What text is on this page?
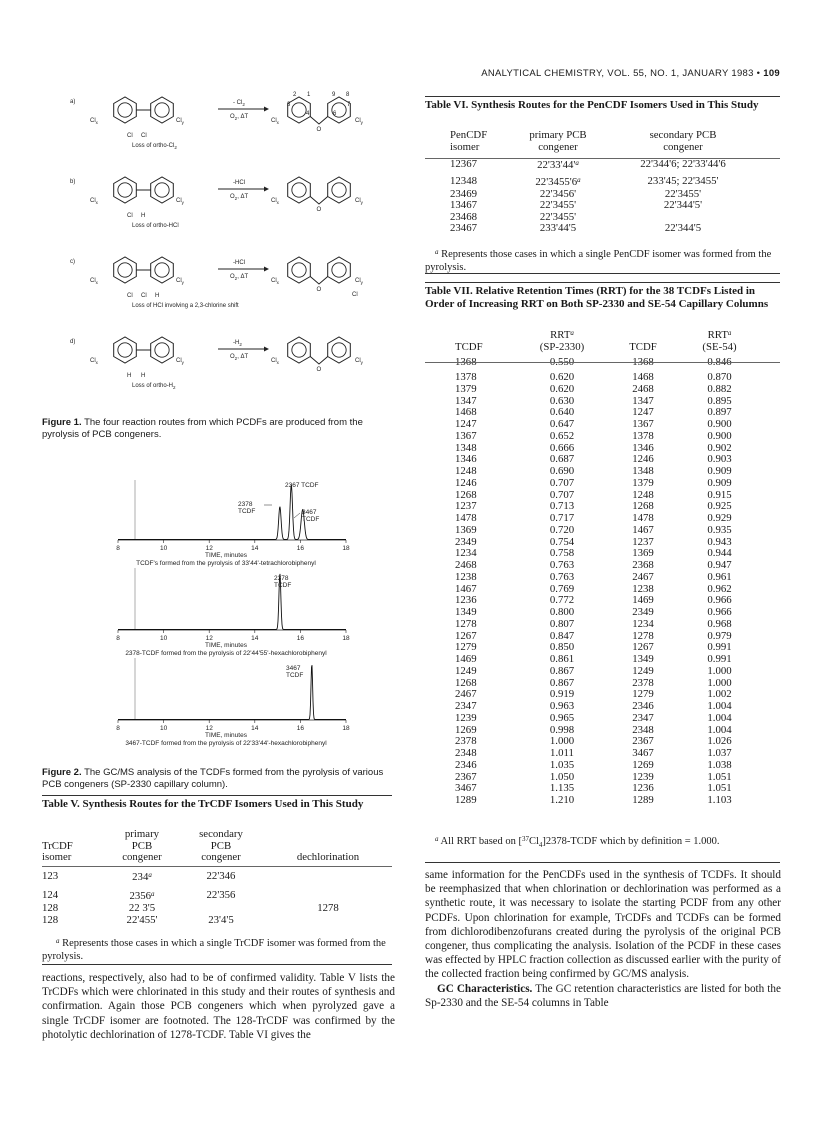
ANALYTICAL CHEMISTRY, VOL. 55, NO. 1, JANUARY 1983 • 109
a)
$Cl_x$	$Cl_y$
Cl Cl
- $Cl_2$
$O_2$, ΔT
$Cl_x$
O
$Cl_y$
1
2
3
4	6
7
8
9
Loss of ortho-$Cl_2$
b)
$Cl_x$	$Cl_y$
Cl H
-HCl
$O_2$, ΔT
$Cl_x$
O
$Cl_y$
Loss of ortho-HCl
c)
$Cl_x$	$Cl_y$
Cl Cl H
-HCl
$O_2$, ΔT
$Cl_x$
O
$Cl_y$
Cl
Loss of HCl involving a 2,3-chlorine shift
d)
$Cl_x$	$Cl_y$
H H
$-H_2$
$O_2$, ΔT
$Cl_x$
O
$Cl_y$
Loss of ortho-$H_2$
Figure 1. The four reaction routes from which PCDFs are produced from the pyrolysis of PCB congeners.
8	10	12	14	16	18
2367 TCDF
2378
TCDF	3467
TCDF
TIME, minutes
TCDF's formed from the pyrolysis of 33'44'-tetrachlorobiphenyl
8	10	12	14	16	18
2378
TCDF
TIME, minutes
2378-TCDF formed from the pyrolysis of 22'44'55'-hexachlorobiphenyl
8	10	12	14	16	18
3467
TCDF
TIME, minutes
3467-TCDF formed from the pyrolysis of 22'33'44'-hexachlorobiphenyl
Figure 2. The GC/MS analysis of the TCDFs formed from the pyrolysis of various PCB congeners (SP-2330 capillary column).
Table V. Synthesis Routes for the TrCDF Isomers Used in This Study
TrCDF
isomer	primary
PCB
congener	secondary
PCB
congener	dechlorination
123	234$^a$	22'346	
124	2356$^a$	22'356	
128	22 3'5		1278
128	22'455'	23'4'5	
$^a$ Represents those cases in which a single TrCDF isomer was formed from the pyrolysis.
reactions, respectively, also had to be of confirmed validity. Table V lists the TrCDFs which were chlorinated in this study and their routes of synthesis and confirmation. Again those PCB congeners which when pyrolyzed gave a single TrCDF isomer are footnoted. The 128-TrCDF was confirmed by the photolytic dechlorination of 1278-TCDF. Table VI gives the
Table VI. Synthesis Routes for the PenCDF Isomers Used in This Study
PenCDF
isomer	primary PCB
congener	secondary PCB
congener
12367	$22'33'44'^a$	22'344'6; 22'33'44'6
12348	22'3455'6$^a$	233'45; 22'3455'
23469	22'3456'	22'3455'
13467	22'3455'	22'344'5'
23468	22'3455'	
23467	233'44'5	22'344'5
$^a$ Represents those cases in which a single PenCDF isomer was formed from the pyrolysis.
Table VII. Relative Retention Times (RRT) for the 38 TCDFs Listed in Order of Increasing RRT on Both SP-2330 and SE-54 Capillary Columns
TCDF	RRT$^a$
(SP-2330)	TCDF	RRT$^a$
(SE-54)
1368	0.550	1368	0.846
1378	0.620	1468	0.870
1379	0.620	2468	0.882
1347	0.630	1347	0.895
1468	0.640	1247	0.897
1247	0.647	1367	0.900
1367	0.652	1378	0.900
1348	0.666	1346	0.902
1346	0.687	1246	0.903
1248	0.690	1348	0.909
1246	0.707	1379	0.909
1268	0.707	1248	0.915
1237	0.713	1268	0.925
1478	0.717	1478	0.929
1369	0.720	1467	0.935
2349	0.754	1237	0.943
1234	0.758	1369	0.944
2468	0.763	2368	0.947
1238	0.763	2467	0.961
1467	0.769	1238	0.962
1236	0.772	1469	0.966
1349	0.800	2349	0.966
1278	0.807	1234	0.968
1267	0.847	1278	0.979
1279	0.850	1267	0.991
1469	0.861	1349	0.991
1249	0.867	1249	1.000
1268	0.867	2378	1.000
2467	0.919	1279	1.002
2347	0.963	2346	1.004
1239	0.965	2347	1.004
1269	0.998	2348	1.004
2378	1.000	2367	1.026
2348	1.011	3467	1.037
2346	1.035	1269	1.038
2367	1.050	1239	1.051
3467	1.135	1236	1.051
1289	1.210	1289	1.103
$^a$ All RRT based on $[^{37}Cl_4]2378$-TCDF which by definition = 1.000.
same information for the PenCDFs used in the synthesis of TCDFs. It should be reemphasized that when chlorination or dechlorination was performed as a synthetic route, it was necessary to isolate the starting PCDF from any other PCDFs. Upon chlorination for example, TrCDFs and TCDFs can be formed from dichlorodibenzofurans created during the pyrolysis of the original PCB congener, thus complicating the analysis. Isolation of the PCDF in these cases was effected by HPLC fraction collection as discussed earlier with the purity of the collected fraction being confirmed by GC/MS analysis.
GC Characteristics. The GC retention characteristics are listed for both the Sp-2330 and the SE-54 columns in Table
